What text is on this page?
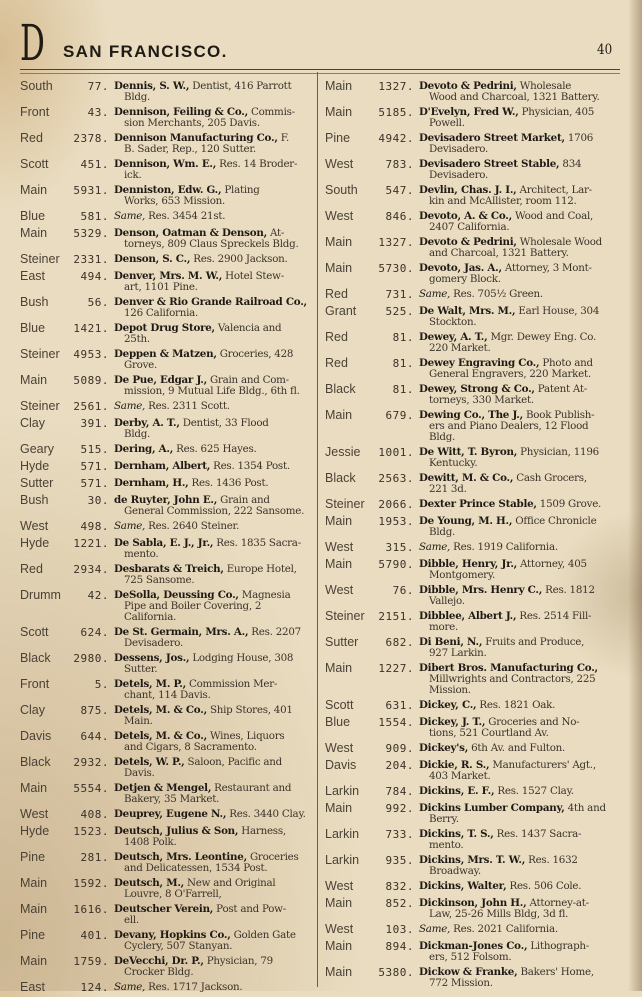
D SAN FRANCISCO.	40
South	77. Dennis, S. W., Dentist, 416 Parrott
Bldg.
Front	43. Dennison, Feiling & Co., Commis-
sion Merchants, 205 Davis.
Red	2378. Dennison Manufacturing Co., F.
B. Sader, Rep., 120 Sutter.
Scott	451. Dennison, Wm. E., Res. 14 Broder-
ick.
Main	5931. Denniston, Edw. G., Plating
Works, 653 Mission.
Blue	581. Same, Res. 3454 21st.
Main	5329. Denson, Oatman & Denson, At-
torneys, 809 Claus Spreckels Bldg.
Steiner	2331. Denson, S. C., Res. 2900 Jackson.
East	494. Denver, Mrs. M. W., Hotel Stew-
art, 1101 Pine.
Bush	56. Denver & Rio Grande Railroad Co.,
126 California.
Blue	1421. Depot Drug Store, Valencia and
25th.
Steiner	4953. Deppen & Matzen, Groceries, 428
Grove.
Main	5089. De Pue, Edgar J., Grain and Com-
mission, 9 Mutual Life Bldg., 6th fl.
Steiner	2561. Same, Res. 2311 Scott.
Clay	391. Derby, A. T., Dentist, 33 Flood
Bldg.
Geary	515. Dering, A., Res. 625 Hayes.
Hyde	571. Dernham, Albert, Res. 1354 Post.
Sutter	571. Dernham, H., Res. 1436 Post.
Bush	30. de Ruyter, John E., Grain and
General Commission, 222 Sansome.
West	498. Same, Res. 2640 Steiner.
Hyde	1221. De Sabla, E. J., Jr., Res. 1835 Sacra-
mento.
Red	2934. Desbarats & Treich, Europe Hotel,
725 Sansome.
Drumm	42. DeSolla, Deussing Co., Magnesia
Pipe and Boiler Covering, 2 California.
Scott	624. De St. Germain, Mrs. A., Res. 2207
Devisadero.
Black	2980. Dessens, Jos., Lodging House, 308
Sutter.
Front	5. Detels, M. P., Commission Mer-
chant, 114 Davis.
Clay	875. Detels, M. & Co., Ship Stores, 401
Main.
Davis	644. Detels, M. & Co., Wines, Liquors
and Cigars, 8 Sacramento.
Black	2932. Detels, W. P., Saloon, Pacific and
Davis.
Main	5554. Detjen & Mengel, Restaurant and
Bakery, 35 Market.
West	408. Deuprey, Eugene N., Res. 3440 Clay.
Hyde	1523. Deutsch, Julius & Son, Harness,
1408 Polk.
Pine	281. Deutsch, Mrs. Leontine, Groceries
and Delicatessen, 1534 Post.
Main	1592. Deutsch, M., New and Original
Louvre, 8 O'Farrell,
Main	1616. Deutscher Verein, Post and Pow-
ell.
Pine	401. Devany, Hopkins Co., Golden Gate
Cyclery, 507 Stanyan.
Main	1759. DeVecchi, Dr. P., Physician, 79
Crocker Bldg.
East	124. Same, Res. 1717 Jackson.
Main	1327. Devoto & Pedrini, Wholesale
Wood and Charcoal, 1321 Battery.
Main	5185. D'Evelyn, Fred W., Physician, 405
Powell.
Pine	4942. Devisadero Street Market, 1706
Devisadero.
West	783. Devisadero Street Stable, 834
Devisadero.
South	547. Devlin, Chas. J. I., Architect, Lar-
kin and McAllister, room 112.
West	846. Devoto, A. & Co., Wood and Coal,
2407 California.
Main	1327. Devoto & Pedrini, Wholesale Wood
and Charcoal, 1321 Battery.
Main	5730. Devoto, Jas. A., Attorney, 3 Mont-
gomery Block.
Red	731. Same, Res. 705½ Green.
Grant	525. De Walt, Mrs. M., Earl House, 304
Stockton.
Red	81. Dewey, A. T., Mgr. Dewey Eng. Co.
220 Market.
Red	81. Dewey Engraving Co., Photo and
General Engravers, 220 Market.
Black	81. Dewey, Strong & Co., Patent At-
torneys, 330 Market.
Main	679. Dewing Co., The J., Book Publish-
ers and Piano Dealers, 12 Flood Bldg.
Jessie	1001. De Witt, T. Byron, Physician, 1196
Kentucky.
Black	2563. Dewitt, M. & Co., Cash Grocers,
221 3d.
Steiner	2066. Dexter Prince Stable, 1509 Grove.
Main	1953. De Young, M. H., Office Chronicle
Bldg.
West	315. Same, Res. 1919 California.
Main	5790. Dibble, Henry, Jr., Attorney, 405
Montgomery.
West	76. Dibble, Mrs. Henry C., Res. 1812
Vallejo.
Steiner	2151. Dibblee, Albert J., Res. 2514 Fill-
more.
Sutter	682. Di Beni, N., Fruits and Produce,
927 Larkin.
Main	1227. Dibert Bros. Manufacturing Co.,
Millwrights and Contractors, 225 Mission.
Scott	631. Dickey, C., Res. 1821 Oak.
Blue	1554. Dickey, J. T., Groceries and No-
tions, 521 Courtland Av.
West	909. Dickey's, 6th Av. and Fulton.
Davis	204. Dickie, R. S., Manufacturers' Agt.,
403 Market.
Larkin	784. Dickins, E. F., Res. 1527 Clay.
Main	992. Dickins Lumber Company, 4th and
Berry.
Larkin	733. Dickins, T. S., Res. 1437 Sacra-
mento.
Larkin	935. Dickins, Mrs. T. W., Res. 1632
Broadway.
West	832. Dickins, Walter, Res. 506 Cole.
Main	852. Dickinson, John H., Attorney-at-
Law, 25-26 Mills Bldg, 3d fl.
West	103. Same, Res. 2021 California.
Main	894. Dickman-Jones Co., Lithograph-
ers, 512 Folsom.
Main	5380. Dickow & Franke, Bakers' Home,
772 Mission.
